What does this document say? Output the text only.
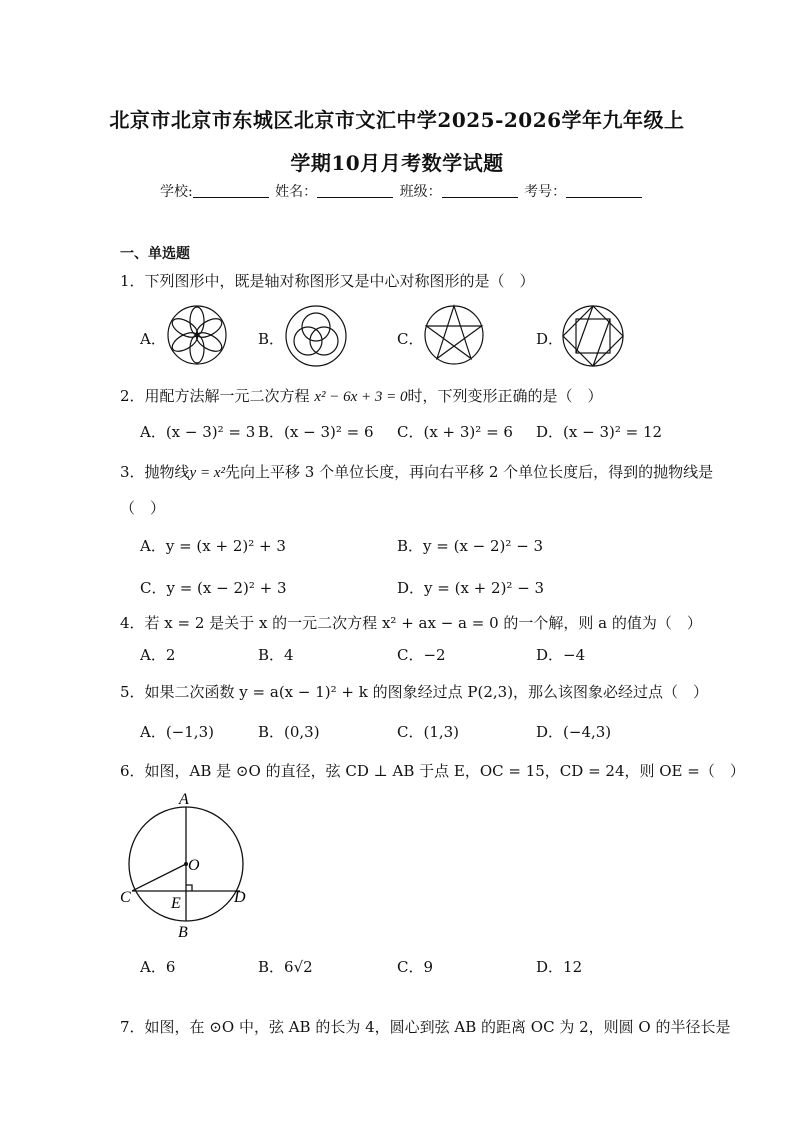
北京市北京市东城区北京市文汇中学2025-2026学年九年级上
学期10月月考数学试题
学校:	姓名：	班级：	考号：
一、单选题
1．下列图形中，既是轴对称图形又是中心对称图形的是（　）
A．	B．	C．	D．
2．用配方法解一元二次方程 x² − 6x + 3 = 0时，下列变形正确的是（　）
A．(x − 3)² = 3 B．(x − 3)² = 6 C．(x + 3)² = 6 D．(x − 3)² = 12
3．抛物线y = x²先向上平移 3 个单位长度，再向右平移 2 个单位长度后，得到的抛物线是
（　）
A．y = (x + 2)² + 3	B．y = (x − 2)² − 3
C．y = (x − 2)² + 3	D．y = (x + 2)² − 3
4．若 x = 2 是关于 x 的一元二次方程 x² + ax − a = 0 的一个解，则 a 的值为（　）
A．2	B．4	C．−2	D．−4
5．如果二次函数 y = a(x − 1)² + k 的图象经过点 P(2,3)，那么该图象必经过点（　）
A．(−1,3)	B．(0,3)	C．(1,3)	D．(−4,3)
6．如图，AB 是 ⊙O 的直径，弦 CD ⊥ AB 于点 E，OC = 15，CD = 24，则 OE =（　）
A
O
C	E	D
B
A．6	B．6√2	C．9	D．12
7．如图，在 ⊙O 中，弦 AB 的长为 4，圆心到弦 AB 的距离 OC 为 2，则圆 O 的半径长是
